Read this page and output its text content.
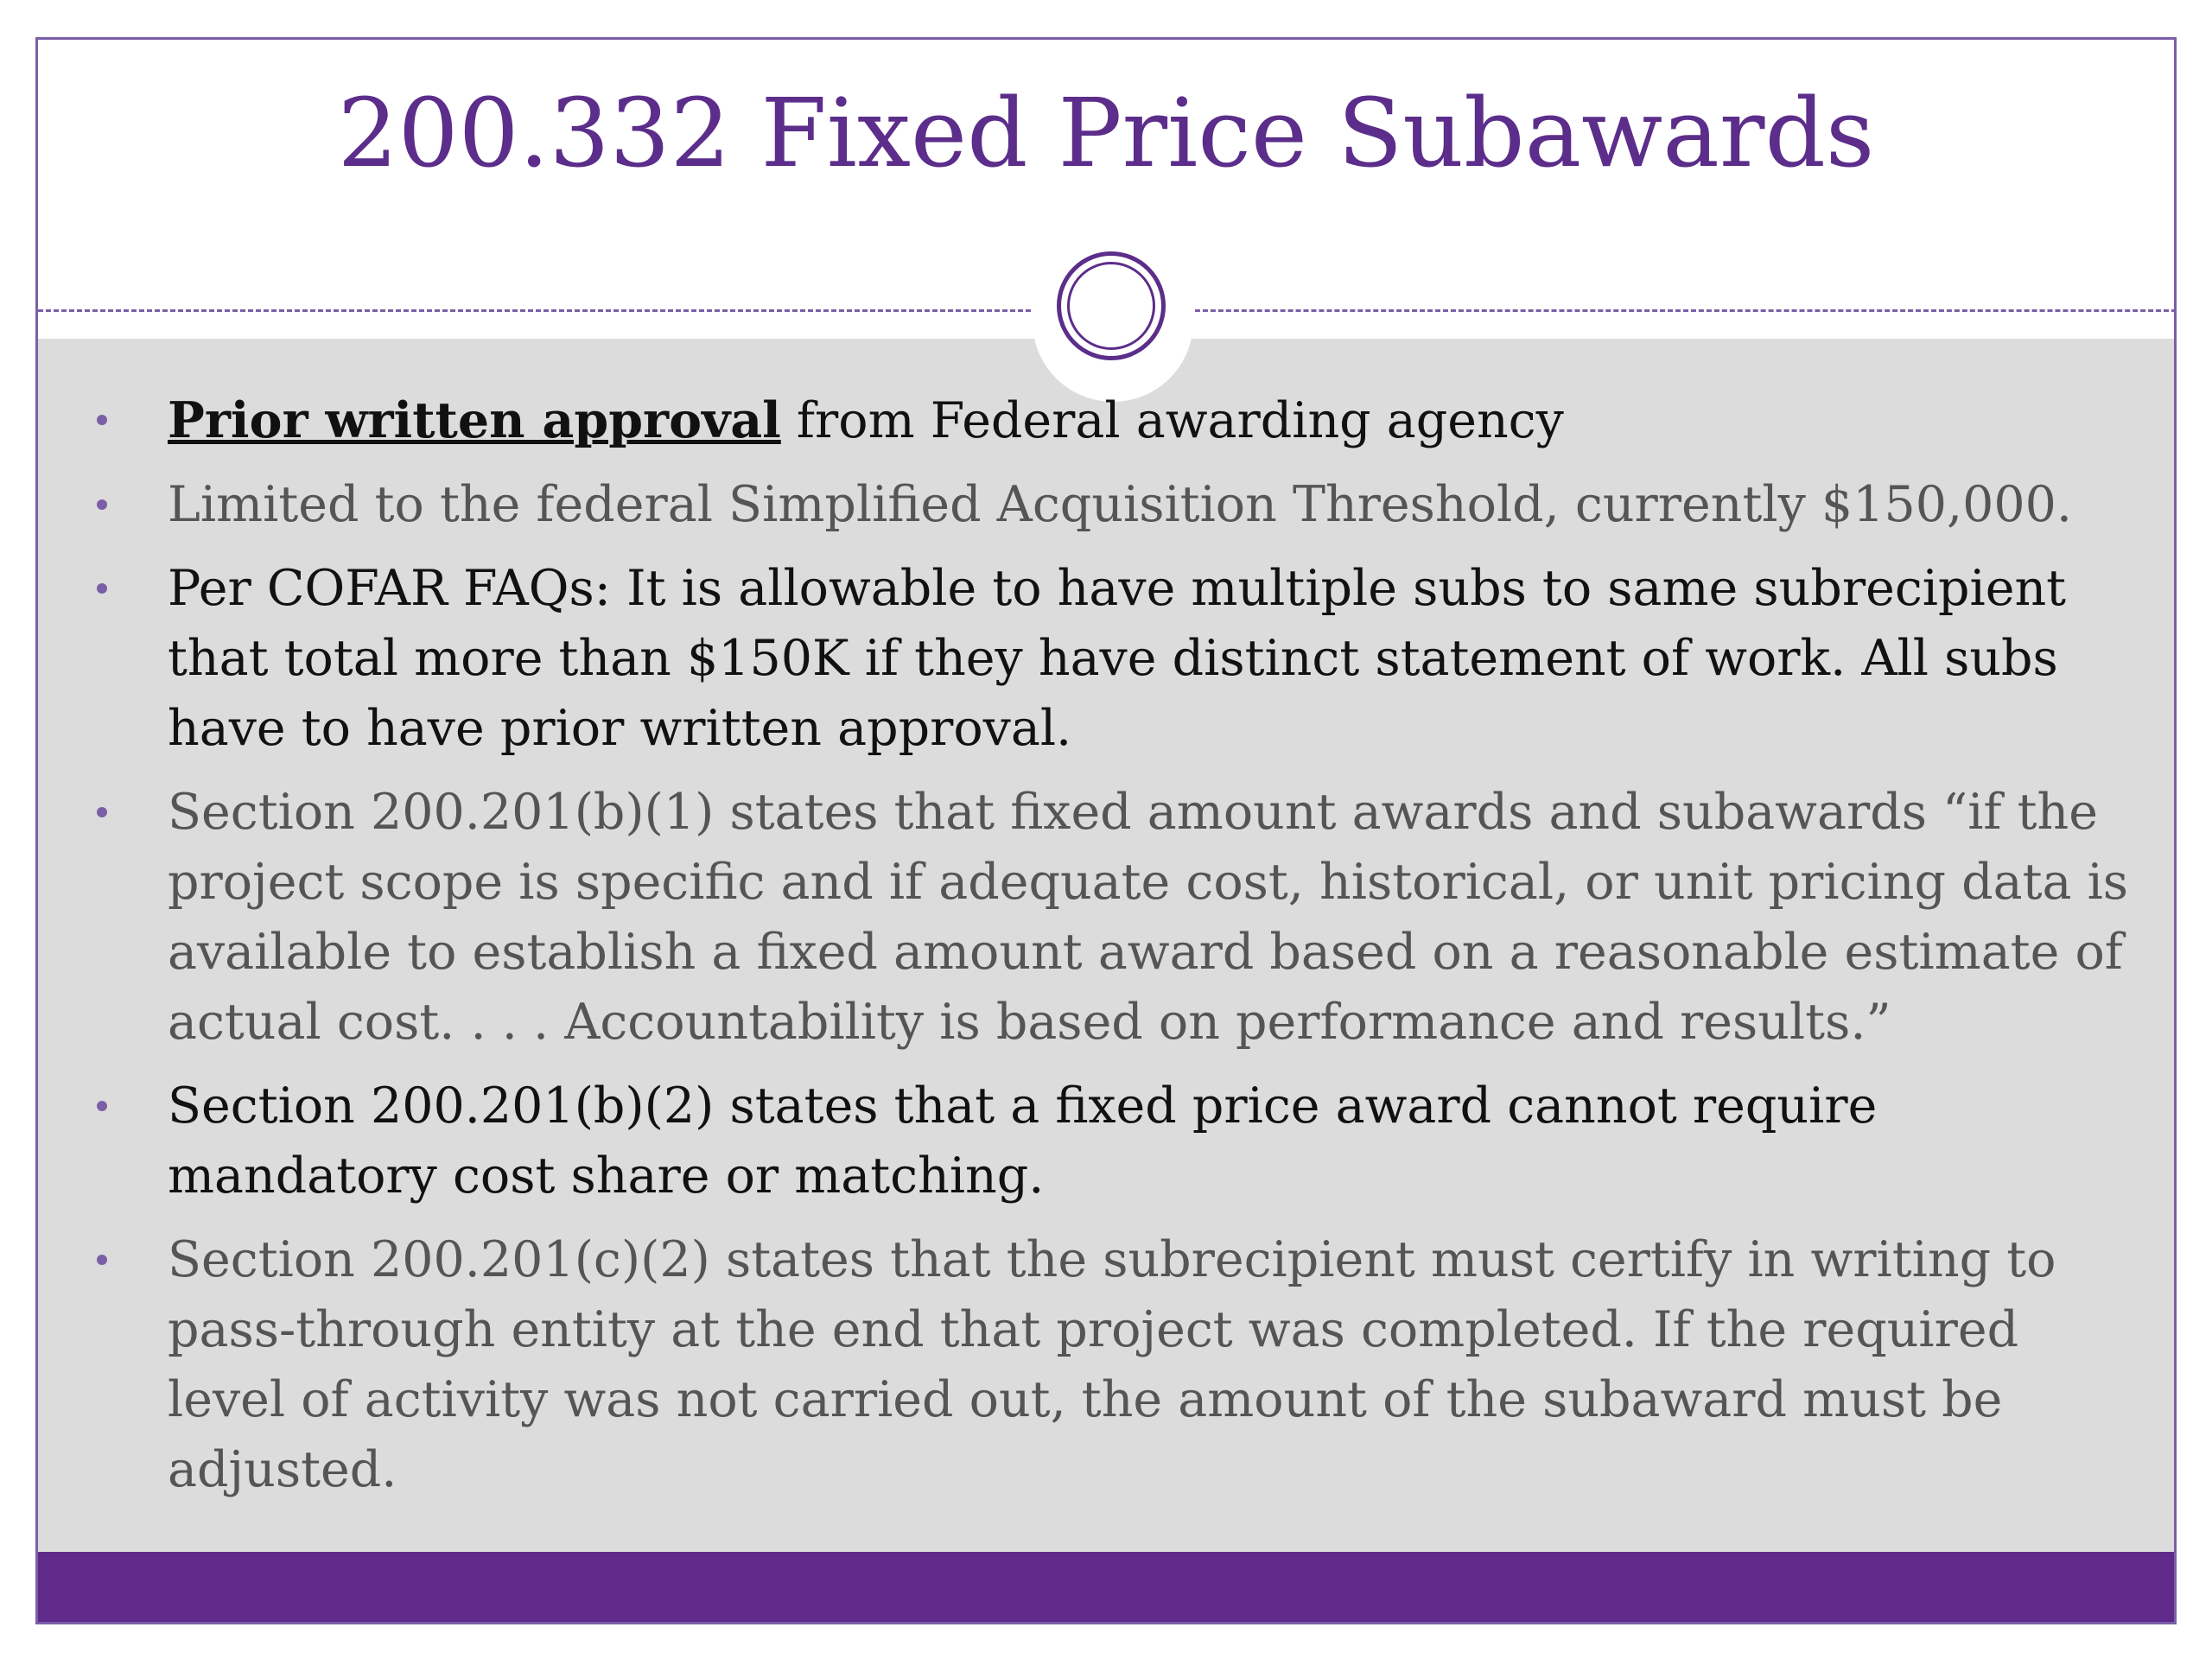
200.332 Fixed Price Subawards
Prior written approval from Federal awarding agency
Limited to the federal Simplified Acquisition Threshold, currently $150,000.
Per COFAR FAQs: It is allowable to have multiple subs to same subrecipient that total more than $150K if they have distinct statement of work. All subs have to have prior written approval.
Section 200.201(b)(1) states that fixed amount awards and subawards “if the project scope is specific and if adequate cost, historical, or unit pricing data is available to establish a fixed amount award based on a reasonable estimate of actual cost. . . . Accountability is based on performance and results.”
Section 200.201(b)(2) states that a fixed price award cannot require mandatory cost share or matching.
Section 200.201(c)(2) states that the subrecipient must certify in writing to pass-through entity at the end that project was completed. If the required level of activity was not carried out, the amount of the subaward must be adjusted.
